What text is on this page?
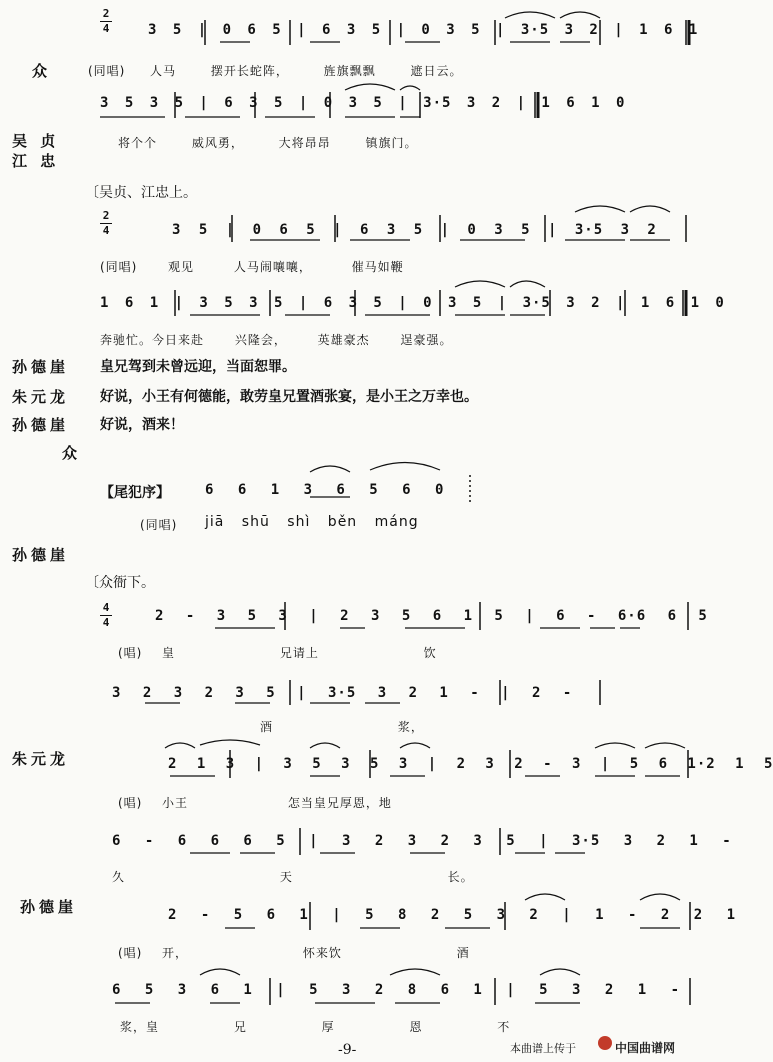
2
4	3 5 | 0 6 5 | 6 3 5 | 0 3 5 | 3·5 3 2 | 1 6 1
众	(同唱) 人马 摆开长蛇阵， 旌旗飘飘 遮日云。
3 5 3 5 | 6 3 5 | 0 3 5 | 3·5 3 2 | 1 6 1 0
吴 贞
江 忠
将个个 威风勇， 大将昂昂 镇旗门。
〔吴贞、江忠上。
2
4	3 5 | 0 6 5 | 6 3 5 | 0 3 5 | 3·5 3 2
(同唱)	观见 人马闹嚷嚷， 催马如鞭
1 6 1 | 3 5 3 5 | 6 3 5 | 0 3 5 | 3·5 3 2 | 1 6 1 0
奔驰忙。今日来赴 兴隆会， 英雄豪杰 逞豪强。
孙德崖 皇兄驾到未曾远迎，当面恕罪。
朱元龙 好说，小王有何德能，敢劳皇兄置酒张宴，是小王之万幸也。
孙德崖 好说，酒来！
众
【尾犯序】	6 6 1 3 6 5 6 0
(同唱) jiā shū shì běn máng
孙德崖
〔众衙下。
4
4	2 - 3 5 3 | 2 3 5 6 1 5 | 6 - 6·6 6 5
(唱) 皇 兄请上 饮
3 2 3 2 3 5 | 3·5 3 2 1 - | 2 -
酒 浆，
朱元龙	2 1 3 | 3 5 3 5 3 | 2 3 2 - 3 | 5 6 1·2 1 5
(唱) 小王 怎当皇兄厚恩，地
6 - 6 6 6 5 | 3 2 3 2 3 5 | 3·5 3 2 1 -
久 天 长。
孙德崖	2 - 5 6 1 | 5 8 2 5 3 2 | 1 - 2 2 1
(唱) 开， 怀来饮 酒
6 5 3 6 1 | 5 3 2 8 6 1 | 5 3 2 1 -
浆，皇 兄 厚 恩 不
-9-	本曲谱上传于	中国曲谱网
